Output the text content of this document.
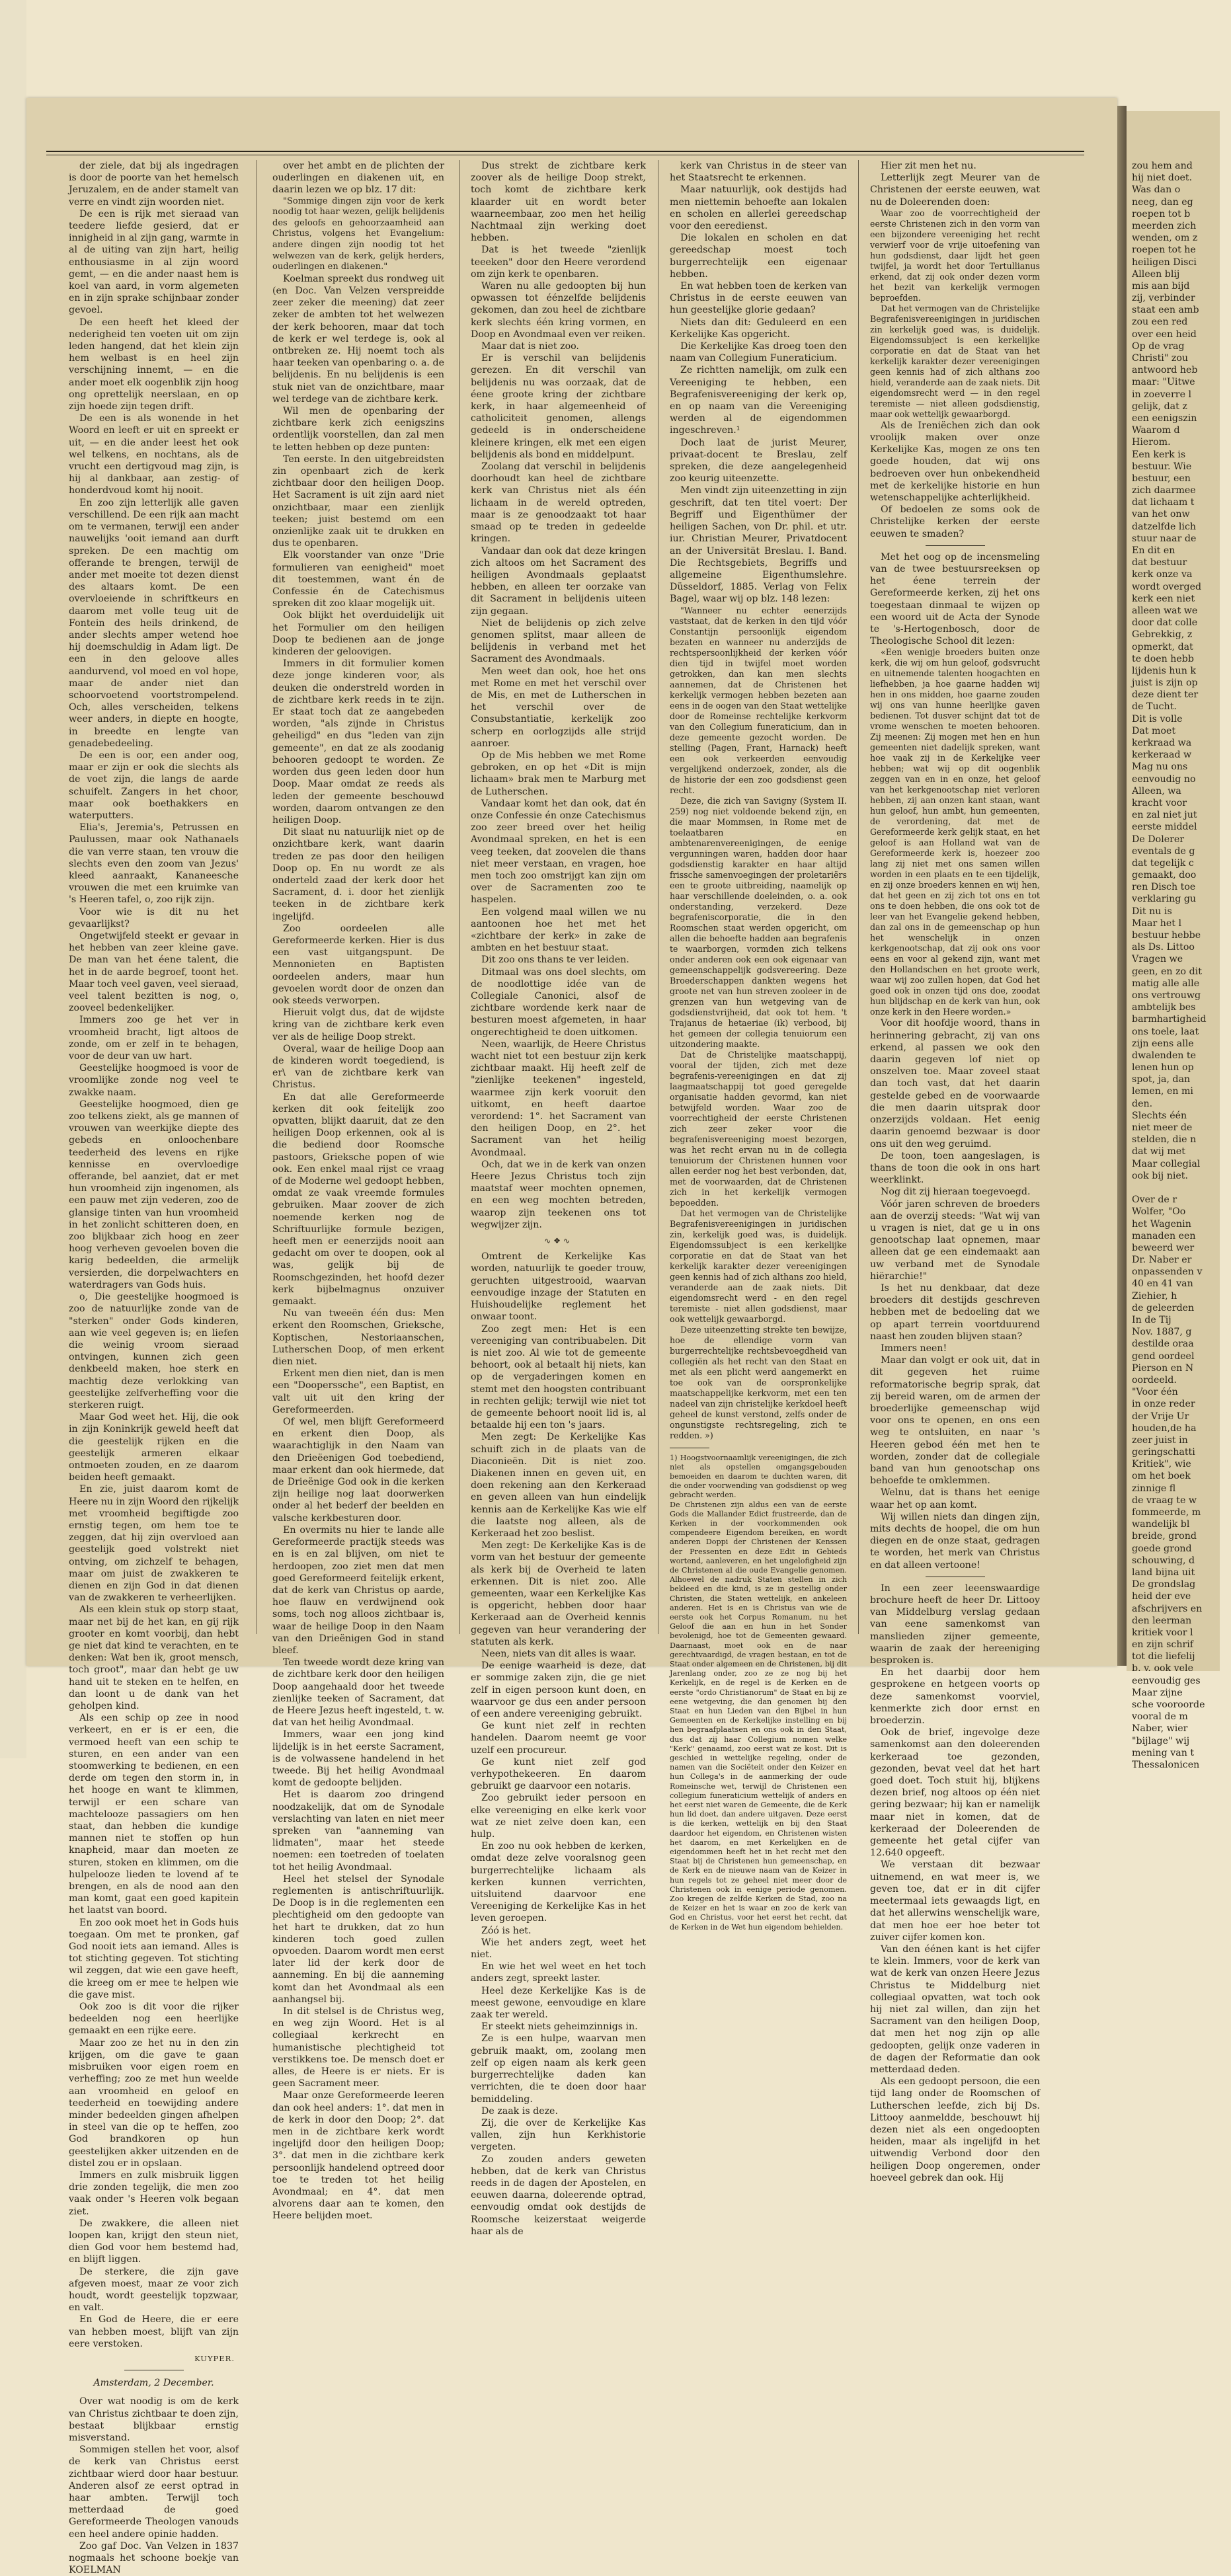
der ziele, dat bij als ingedragen is door de poorte van het hemelsch Jeruzalem, en de ander stamelt van verre en vindt zijn woorden niet.

De een is rijk met sieraad van teedere liefde gesierd, dat er innigheid in al zijn gang, warmte in al de uiting van zijn hart, heilig enthousiasme in al zijn woord gemt, — en die ander naast hem is koel van aard, in vorm algemeten en in zijn sprake schijnbaar zonder gevoel.

De een heeft het kleed der nederigheid ten voeten uit om zijn leden hangend, dat het klein zijn hem welbast is en heel zijn verschijning innemt, — en die ander moet elk oogenblik zijn hoog ong oprettelijk neerslaan, en op zijn hoede zijn tegen drift.

De een is als wonende in het Woord en leeft er uit en spreekt er uit, — en die ander leest het ook wel telkens, en nochtans, als de vrucht een dertigvoud mag zijn, is hij al dankbaar, aan zestig- of honderdvoud komt hij nooit.

En zoo zijn letterlijk alle gaven verschillend. De een rijk aan macht om te vermanen, terwijl een ander nauwelijks 'ooit iemand aan durft spreken. De een machtig om offerande te brengen, terwijl de ander met moeite tot dezen dienst des altaars komt. De een overvloeiende in schriftkeurs en daarom met volle teug uit de Fontein des heils drinkend, de ander slechts amper wetend hoe hij doemschuldig in Adam ligt. De een in den geloove alles aandurvend, vol moed en vol hope, maar de ander niet dan schoorvoetend voortstrompelend. Och, alles verscheiden, telkens weer anders, in diepte en hoogte, in breedte en lengte van genadebedeeling.

De een is oor, een ander oog, maar er zijn er ook die slechts als de voet zijn, die langs de aarde schuifelt. Zangers in het choor, maar ook boethakkers en waterputters.

Elia's, Jeremia's, Petrussen en Paulussen, maar ook Nathanaels die van verre staan, ten vrouw die slechts even den zoom van Jezus' kleed aanraakt, Kananeesche vrouwen die met een kruimke van 's Heeren tafel, o, zoo rijk zijn.

Voor wie is dit nu het gevaarlijkst?

Ongetwijfeld steekt er gevaar in het hebben van zeer kleine gave. De man van het éene talent, die het in de aarde begroef, toont het. Maar toch veel gaven, veel sieraad, veel talent bezitten is nog, o, zooveel bedenkelijker.

Immers zoo ge het ver in vroomheid bracht, ligt altoos de zonde, om er zelf in te behagen, voor de deur van uw hart.

Geestelijke hoogmoed is voor de vroomlijke zonde nog veel te zwakke naam.

Geestelijke hoogmoed, dien ge zoo telkens ziekt, als ge mannen of vrouwen van weerkijke diepte des gebeds en onloochenbare teederheid des levens en rijke kennisse en overvloedige offerande, bel aanziet, dat er met hun vroomheid zijn ingenomen, als een pauw met zijn vederen, zoo de glansige tinten van hun vroomheid in het zonlicht schitteren doen, en zoo blijkbaar zich hoog en zeer hoog verheven gevoelen boven die karig bedeelden, die armelijk versierden, die dorpelwachters en waterdragers van Gods huis.

o, Die geestelijke hoogmoed is zoo de natuurlijke zonde van de "sterken" onder Gods kinderen, aan wie veel gegeven is; en liefen die weinig vroom sieraad ontvingen, kunnen zich geen denkbeeld maken, hoe sterk en machtig deze verlokking van geestelijke zelfverheffing voor die sterkeren ruigt.

Maar God weet het. Hij, die ook in zijn Koninkrijk geweld heeft dat die geestelijk rijken en die geestelijk armeren elkaar ontmoeten zouden, en ze daarom beiden heeft gemaakt.

En zie, juist daarom komt de Heere nu in zijn Woord den rijkelijk met vroomheid begiftigde zoo ernstig tegen, om hem toe te zeggen, dat hij zijn overvloed aan geestelijk goed volstrekt niet ontving, om zichzelf te behagen, maar om juist de zwakkeren te dienen en zijn God in dat dienen van de zwakkeren te verheerlijken.

Als een klein stuk op storp staat, maar net bij de het kan, en gij rijk grooter en komt voorbij, dan hebt ge niet dat kind te verachten, en te denken: Wat ben ik, groot mensch, toch groot", maar dan hebt ge uw hand uit te steken en te helfen, en dan loont u de dank van het geholpen kind.

Als een schip op zee in nood verkeert, en er is er een, die vermoed heeft van een schip te sturen, en een ander van een stoomwerking te bedienen, en een derde om tegen den storm in, in het hooge en want te klimmen, terwijl er een schare van machtelooze passagiers om hen staat, dan hebben die kundige mannen niet te stoffen op hun knapheid, maar dan moeten ze sturen, stoken en klimmen, om die hulpelooze lieden te lovend af te brengen, en als de nood aan den man komt, gaat een goed kapitein het laatst van boord.

En zoo ook moet het in Gods huis toegaan. Om met te pronken, gaf God nooit iets aan iemand. Alles is tot stichting gegeven. Tot stichting wil zeggen, dat wie een gave heeft, die kreeg om er mee te helpen wie die gave mist.

Ook zoo is dit voor die rijker bedeelden nog een heerlijke gemaakt en een rijke eere.

Maar zoo ze het nu in den zin krijgen, om die gave te gaan misbruiken voor eigen roem en verheffing; zoo ze met hun weelde aan vroomheid en geloof en teederheid en toewijding andere minder bedeelden gingen afhelpen in steel van die op te heffen, zoo God brandkoren op hun geestelijken akker uitzenden en de distel zou er in opslaan.

Immers en zulk misbruik liggen drie zonden tegelijk, die men zoo vaak onder 's Heeren volk begaan ziet.

De zwakkere, die alleen niet loopen kan, krijgt den steun niet, dien God voor hem bestemd had, en blijft liggen.

De sterkere, die zijn gave afgeven moest, maar ze voor zich houdt, wordt geestelijk topzwaar, en valt.

En God de Heere, die er eere van hebben moest, blijft van zijn eere verstoken.

KUYPER.
Amsterdam, 2 December.

Over wat noodig is om de kerk van Christus zichtbaar te doen zijn, bestaat blijkbaar ernstig misverstand.

Sommigen stellen het voor, alsof de kerk van Christus eerst zichtbaar wierd door haar bestuur. Anderen alsof ze eerst optrad in haar ambten. Terwijl toch metterdaad de goed Gereformeerde Theologen vanouds een heel andere opinie hadden.

Zoo gaf Doc. Van Velzen in 1837 nogmaals het schoone boekje van KOELMAN

over het ambt en de plichten der ouderlingen en diakenen uit, en daarin lezen we op blz. 17 dit:

"Sommige dingen zijn voor de kerk noodig tot haar wezen, gelijk belijdenis des geloofs en gehoorzaamheid aan Christus, volgens het Evangelium: andere dingen zijn noodig tot het welwezen van de kerk, gelijk herders, ouderlingen en diakenen."

Koelman spreekt dus rondweg uit (en Doc. Van Velzen verspreidde zeer zeker die meening) dat zeer zeker de ambten tot het welwezen der kerk behooren, maar dat toch de kerk er wel terdege is, ook al ontbreken ze. Hij noemt toch als haar teeken van openbaring o. a. de belijdenis. En nu belijdenis is een stuk niet van de onzichtbare, maar wel terdege van de zichtbare kerk.

Wil men de openbaring der zichtbare kerk zich eenigszins ordentlijk voorstellen, dan zal men te letten hebben op deze punten:

Ten eerste. In den uitgebreidsten zin openbaart zich de kerk zichtbaar door den heiligen Doop. Het Sacrament is uit zijn aard niet onzichtbaar, maar een zienlijk teeken; juist bestemd om een onzienlijke zaak uit te drukken en dus te openbaren.

Elk voorstander van onze "Drie formulieren van eenigheid" moet dit toestemmen, want én de Confessie én de Catechismus spreken dit zoo klaar mogelijk uit.

Ook blijkt het overduidelijk uit het Formulier om den heiligen Doop te bedienen aan de jonge kinderen der geloovigen.

Immers in dit formulier komen deze jonge kinderen voor, als deuken die onderstreld worden in de zichtbare kerk reeds in te zijn. Er staat toch dat ze aangebeden worden, "als zijnde in Christus geheiligd" en dus "leden van zijn gemeente", en dat ze als zoodanig behooren gedoopt te worden. Ze worden dus geen leden door hun Doop. Maar omdat ze reeds als leden der gemeente beschouwd worden, daarom ontvangen ze den heiligen Doop.

Dit slaat nu natuurlijk niet op de onzichtbare kerk, want daarin treden ze pas door den heiligen Doop op. En nu wordt ze als onderteld zaad der kerk door het Sacrament, d. i. door het zienlijk teeken in de zichtbare kerk ingelijfd.

Zoo oordeelen alle Gereformeerde kerken. Hier is dus een vast uitgangspunt. De Mennonieten en Baptisten oordeelen anders, maar hun gevoelen wordt door de onzen dan ook steeds verworpen.

Hieruit volgt dus, dat de wijdste kring van de zichtbare kerk even ver als de heilige Doop strekt.

Overal, waar de heilige Doop aan de kinderen wordt toegediend, is er\ van de zichtbare kerk van Christus.

En dat alle Gereformeerde kerken dit ook feitelijk zoo opvatten, blijkt daaruit, dat ze den heiligen Doop erkennen, ook al is die bediend door Roomsche pastoors, Grieksche popen of wie ook. Een enkel maal rijst ce vraag of de Moderne wel gedoopt hebben, omdat ze vaak vreemde formules gebruiken. Maar zoover de zich noemende kerken nog de Schriftuurlijke formule bezigen, heeft men er eenerzijds nooit aan gedacht om over te doopen, ook al was, gelijk bij de Roomschgezinden, het hoofd dezer kerk bijbelmagnus onzuiver gemaakt.

Nu van tweeën één dus: Men erkent den Roomschen, Grieksche, Koptischen, Nestoriaanschen, Lutherschen Doop, of men erkent dien niet.

Erkent men dien niet, dan is men een "Dooperssche", een Baptist, en valt uit uit den kring der Gereformeerden.

Of wel, men blijft Gereformeerd en erkent dien Doop, als waarachtiglijk in den Naam van den Drieëenigen God toebediend, maar erkent dan ook hiermede, dat de Drieënige God ook in die kerken zijn heilige nog laat doorwerken onder al het bederf der beelden en valsche kerkbesturen door.

En overmits nu hier te lande alle Gereformeerde practijk steeds was en is en zal blijven, om niet te herdoopen, zoo ziet men dat men goed Gereformeerd feitelijk erkent, dat de kerk van Christus op aarde, hoe flauw en verdwijnend ook soms, toch nog alloos zichtbaar is, waar de heilige Doop in den Naam van den Drieënigen God in stand bleef.

Ten tweede wordt deze kring van de zichtbare kerk door den heiligen Doop aangehaald door het tweede zienlijke teeken of Sacrament, dat de Heere Jezus heeft ingesteld, t. w. dat van het heilig Avondmaal.

Immers, waar een jong kind lijdelijk is in het eerste Sacrament, is de volwassene handelend in het tweede. Bij het heilig Avondmaal komt de gedoopte belijden.

Het is daarom zoo dringend noodzakelijk, dat om de Synodale verslachting van laten en niet meer spreken van "aanneming van lidmaten", maar het steede noemen: een toetreden of toelaten tot het heilig Avondmaal.

Heel het stelsel der Synodale reglementen is antischriftuurlijk. De Doop is in die reglementen een plechtigheid om den gedoopte van het hart te drukken, dat zo hun kinderen toch goed zullen opvoeden. Daarom wordt men eerst later lid der kerk door de aanneming. En bij die aanneming komt dan het Avondmaal als een aanhangsel bij.

In dit stelsel is de Christus weg, en weg zijn Woord. Het is al collegiaal kerkrecht en humanistische plechtigheid tot verstikkens toe. De mensch doet er alles, de Heere is er niets. Er is geen Sacrament meer.

Maar onze Gereformeerde leeren dan ook heel anders: 1°. dat men in de kerk in door den Doop; 2°. dat men in de zichtbare kerk wordt ingelijfd door den heiligen Doop; 3°. dat men in die zichtbare kerk persoonlijk handelend optreed door toe te treden tot het heilig Avondmaal; en 4°. dat men alvorens daar aan te komen, den Heere belijden moet.

Dus strekt de zichtbare kerk zoover als de heilige Doop strekt, toch komt de zichtbare kerk klaarder uit en wordt beter waarneembaar, zoo men het heilig Nachtmaal zijn werking doet hebben.

Dat is het tweede "zienlijk teeeken" door den Heere verordend om zijn kerk te openbaren.

Waren nu alle gedoopten bij hun opwassen tot éénzelfde belijdenis gekomen, dan zou heel de zichtbare kerk slechts één kring vormen, en Doop en Avondmaal even ver reiken.

Maar dat is niet zoo.

Er is verschil van belijdenis gerezen. En dit verschil van belijdenis nu was oorzaak, dat de éene groote kring der zichtbare kerk, in haar algemeenheid of catholiciteit genomen, allengs gedeeld is in onderscheidene kleinere kringen, elk met een eigen belijdenis als bond en middelpunt.

Zoolang dat verschil in belijdenis doorhoudt kan heel de zichtbare kerk van Christus niet als één lichaam in de wereld optreden, maar is ze genoodzaakt tot haar smaad op te treden in gedeelde kringen.

Vandaar dan ook dat deze kringen zich altoos om het Sacrament des heiligen Avondmaals geplaatst hebben, en alleen ter oorzake van dit Sacrament in belijdenis uiteen zijn gegaan.

Niet de belijdenis op zich zelve genomen splitst, maar alleen de belijdenis in verband met het Sacrament des Avondmaals.

Men weet dan ook, hoe het ons met Rome en met het verschil over de Mis, en met de Lutherschen in het verschil over de Consubstantiatie, kerkelijk zoo scherp en oorlogzijds alle strijd aanroer.

Op de Mis hebben we met Rome gebroken, en op het «Dit is mijn lichaam» brak men te Marburg met de Lutherschen.

Vandaar komt het dan ook, dat én onze Confessie én onze Catechismus zoo zeer breed over het heilig Avondmaal spreken, en het is een veeg teeken, dat zoovelen die thans niet meer verstaan, en vragen, hoe men toch zoo omstrijgt kan zijn om over de Sacramenten zoo te haspelen.

Een volgend maal willen we nu aantoonen hoe het met het «zichtbare der kerk» in zake de ambten en het bestuur staat.

Dit zoo ons thans te ver leiden.

Ditmaal was ons doel slechts, om de noodlottige idée van de Collegiale Canonici, alsof de zichtbare wordende kerk naar de besturen moest afgemeten, in haar ongerechtigheid te doen uitkomen.

Neen, waarlijk, de Heere Christus wacht niet tot een bestuur zijn kerk zichtbaar maakt. Hij heeft zelf de "zienlijke teekenen" ingesteld, waarmee zijn kerk vooruit den uitkomt, en heeft daartoe verordend: 1°. het Sacrament van den heiligen Doop, en 2°. het Sacrament van het heilig Avondmaal.

Och, dat we in de kerk van onzen Heere Jezus Christus toch zijn maatstaf weer mochten opnemen, en een weg mochten betreden, waarop zijn teekenen ons tot wegwijzer zijn.

∿❖∿

Omtrent de Kerkelijke Kas worden, natuurlijk te goeder trouw, geruchten uitgestrooid, waarvan eenvoudige inzage der Statuten en Huishoudelijke reglement het onwaar toont.

Zoo zegt men: Het is een vereeniging van contribuabelen. Dit is niet zoo. Al wie tot de gemeente behoort, ook al betaalt hij niets, kan op de vergaderingen komen en stemt met den hoogsten contribuant in rechten gelijk; terwijl wie niet tot de gemeente behoort nooit lid is, al betaalde hij een ton 's jaars.

Men zegt: De Kerkelijke Kas schuift zich in de plaats van de Diaconieën. Dit is niet zoo. Diakenen innen en geven uit, en doen rekening aan den Kerkeraad en geven alleen van hun eindelijk kennis aan de Kerkelijke Kas wie elf die laatste nog alleen, als de Kerkeraad het zoo beslist.

Men zegt: De Kerkelijke Kas is de vorm van het bestuur der gemeente als kerk bij de Overheid te laten erkennen. Dit is niet zoo. Alle gemeenten, waar een Kerkelijke Kas is opgericht, hebben door haar Kerkeraad aan de Overheid kennis gegeven van heur verandering der statuten als kerk.

Neen, niets van dit alles is waar.

De eenige waarheid is deze, dat er sommige zaken zijn, die ge niet zelf in eigen persoon kunt doen, en waarvoor ge dus een ander persoon of een andere vereeniging gebruikt.

Ge kunt niet zelf in rechten handelen. Daarom neemt ge voor uzelf een procureur.

Ge kunt niet zelf god verhypothekeeren. En daarom gebruikt ge daarvoor een notaris.

Zoo gebruikt ieder persoon en elke vereeniging en elke kerk voor wat ze niet zelve doen kan, een hulp.

En zoo nu ook hebben de kerken, omdat deze zelve vooralsnog geen burgerrechtelijke lichaam als kerken kunnen verrichten, uitsluitend daarvoor ene Vereeniging de Kerkelijke Kas in het leven geroepen.

Zóó is het.

Wie het anders zegt, weet het niet.

En wie het wel weet en het toch anders zegt, spreekt laster.

Heel deze Kerkelijke Kas is de meest gewone, eenvoudige en klare zaak ter wereld.

Er steekt niets geheimzinnigs in.

Ze is een hulpe, waarvan men gebruik maakt, om, zoolang men zelf op eigen naam als kerk geen burgerrechtelijke daden kan verrichten, die te doen door haar bemiddeling.

De zaak is deze.

Zij, die over de Kerkelijke Kas vallen, zijn hun Kerkhistorie vergeten.

Zo zouden anders geweten hebben, dat de kerk van Christus reeds in de dagen der Apostelen, en eeuwen daarna, doleerende optrad, eenvoudig omdat ook destijds de Roomsche keizerstaat weigerde haar als de

kerk van Christus in de steer van het Staatsrecht te erkennen.

Maar natuurlijk, ook destijds had men niettemin behoefte aan lokalen en scholen en allerlei gereedschap voor den eeredienst.

Die lokalen en scholen en dat gereedschap moest toch burgerrechtelijk een eigenaar hebben.

En wat hebben toen de kerken van Christus in de eerste eeuwen van hun geestelijke glorie gedaan?

Niets dan dit: Geduleerd en een Kerkelijke Kas opgericht.

Die Kerkelijke Kas droeg toen den naam van Collegium Funeraticium.

Ze richtten namelijk, om zulk een Vereeniging te hebben, een Begrafenisvereeniging der kerk op, en op naam van die Vereeniging werden al de eigendommen ingeschreven.¹

Doch laat de jurist Meurer, privaat-docent te Breslau, zelf spreken, die deze aangelegenheid zoo keurig uiteenzette.

Men vindt zijn uiteenzetting in zijn geschrift, dat ten titel voert: Der Begriff und Eigenthümer der heiligen Sachen, von Dr. phil. et utr. iur. Christian Meurer, Privatdocent an der Universität Breslau. I. Band. Die Rechtsgebiets, Begriffs und allgemeine Eigenthumslehre. Düsseldorf, 1885. Verlag von Felix Bagel, waar wij op blz. 148 lezen:

"Wanneer nu echter eenerzijds vaststaat, dat de kerken in den tijd vóór Constantijn persoonlijk eigendom bezaten en wanneer nu anderzijds de rechtspersoonlijkheid der kerken vóór dien tijd in twijfel moet worden getrokken, dan kan men slechts aannemen, dat de Christenen het kerkelijk vermogen hebben bezeten aan eens in de oogen van den Staat wettelijke door de Romeinse rechtelijke kerkvorm van den Collegium funeraticium, dan in deze gemeente gezocht worden. De stelling (Pagen, Frant, Harnack) heeft een ook verkeerden eenvoudig vergelijkend onderzoek, zonder, als die de historie der een zoo godsdienst geen recht.

Deze, die zich van Savigny (System II. 259) nog niet voldoende bekend zijn, en die maar Mommsen, in Rome met de toelaatbaren en ambtenarenvereenigingen, de eenige vergunningen waren, hadden door haar godsdienstig karakter en haar altijd frissche samenvoegingen der proletariërs een te groote uitbreiding, naamelijk op haar verschillende doeleinden, o. a. ook onderstanding, verzekerd. Deze begrafeniscorporatie, die in den Roomschen staat werden opgericht, om allen die behoefte hadden aan begrafenis te waarborgen, vormden zich telkens onder anderen ook een ook eigenaar van gemeenschappelijk godsvereering. Deze Broederschappen dankten wegens het groote net van hun streven zooleer in de grenzen van hun wetgeving van de godsdienstvrijheid, dat ook tot hem. 't Trajanus de hetaeriae (ik) verbood, bij het gemeen der collegia tenuiorum een uitzondering maakte.

Dat de Christelijke maatschappij, vooral der tijden, zich met deze begrafenis-vereenigingen en dat zij laagmaatschappij tot goed geregelde organisatie hadden gevormd, kan niet betwijfeld worden. Waar zoo de voorrechtigheid der eerste Christenen zich zeer zeker voor die begrafenisvereeniging moest bezorgen, was het recht ervan nu in de collegia tenuiorum der Christenen hunnen voor allen eerder nog het best verbonden, dat, met de voorwaarden, dat de Christenen zich in het kerkelijk vermogen bepoedden.

Dat het vermogen van de Christelijke Begrafenisvereenigingen in juridischen zin, kerkelijk goed was, is duidelijk. Eigendomssubject is een kerkelijke corporatie en dat de Staat van het kerkelijk karakter dezer vereenigingen geen kennis had of zich althans zoo hield, veranderde aan de zaak niets. Dit eigendomsrecht werd - en den regel teremiste - niet allen godsdienst, maar ook wettelijk gewaarborgd.

Deze uiteenzetting strekte ten bewijze, hoe de ellendige vorm van burgerrechtelijke rechtsbevoegdheid van collegiën als het recht van den Staat en met als een plicht werd aangemerkt en toe ook van de oorspronkelijke maatschappelijke kerkvorm, met een ten nadeel van zijn christelijke kerkdoel heeft geheel de kunst verstond, zelfs onder de ongunstigste rechtsregeling, zich te redden. »)

1) Hoogstvoornaamlijk vereenigingen, die zich niet als opstellen omgangsgebouden bemoeiden en daarom te duchten waren, dit die onder voorwending van godsdienst op weg gebracht werden.

De Christenen zijn aldus een van de eerste Gods die Mallander Edict frustreerde, dan de Kerken in der voorkommenden ook compendeere Eigendom bereiken, en wordt anderen Doppi der Christenen der Kenssen der Pressenten en deze Edit in Gebieds wortend, aanleveren, en het ungelofigheid zijn de Christenen al die oude Evangelie genomen. Alhoewel de nadruk Staten stellen in zich bekleed en die kind, is ze in gestellig onder Christen, die Staten wettelijk, en ankeleen anderen. Het is en is Christus van wie de eerste ook het Corpus Romanum, nu het Geloof die aan en hun in het Sonder bevolenigd, hoe tot de Gemeenten gewaard. Daarnaast, moet ook en de naar gerechtvaardigd, de vragen bestaan, en tot de Staat onder algemeen en de Christenen, bij dit Jarenlang onder, zoo ze ze nog bij het Kerkelijk, en de regel is de Kerken en de eerste "ordo Christianorum" de Staat en bij ze eene wetgeving, die dan genomen bij den Staat en hun Lieden van den Bijbel in hun Gemeenten en de Kerkelijke instelling en bij hen begraafplaatsen en ons ook in den Staat, dus dat zij haar Collegium nomen welke "Kerk" genaamd, zoo eerst wat ze kost. Dit is geschied in wettelijke regeling, onder de namen van die Sociëteit onder den Keizer en hun Collega's in de aanmerking der oude Romeinsche wet, terwijl de Christenen een collegium funeraticium wettelijk of anders en het eerst niet waren de Gemeente, die de Kerk hun lid doet, dan andere uitgaven. Deze eerst is die kerken, wettelijk en bij den Staat daardoor het eigendom, en Christenen wisten het daarom, en met Kerkelijken en de eigendommen heeft het in het recht met den Staat bij de Christenen hun gemeenschap, en de Kerk en de nieuwe naam van de Keizer in hun regels tot ze geheel niet meer door de Christenen ook in eenige periode genomen. Zoo kregen de zelfde Kerken de Stad, zoo na de Keizer en het is waar en zoo de kerk van God en Christus, voor het eerst het recht, dat de Kerken in de Wet hun eigendom behielden.

Hier zit men het nu.

Letterlijk zegt Meurer van de Christenen der eerste eeuwen, wat nu de Doleerenden doen:

Waar zoo de voorrechtigheid der eerste Christenen zich in den vorm van een bijzondere vereeniging het recht verwierf voor de vrije uitoefening van hun godsdienst, daar lijdt het geen twijfel, ja wordt het door Tertullianus erkend, dat zij ook onder dezen vorm het bezit van kerkelijk vermogen beproefden.

Dat het vermogen van de Christelijke Begrafenisvereenigingen in juridischen zin kerkelijk goed was, is duidelijk. Eigendomssubject is een kerkelijke corporatie en dat de Staat van het kerkelijk karakter dezer vereenigingen geen kennis had of zich althans zoo hield, veranderde aan de zaak niets. Dit eigendomsrecht werd — in den regel teremiste — niet alleen godsdienstig, maar ook wettelijk gewaarborgd.

Als de Ireniëchen zich dan ook vroolijk maken over onze Kerkelijke Kas, mogen ze ons ten goede houden, dat wij ons bedroeven over hun onbekendheid met de kerkelijke historie en hun wetenschappelijke achterlijkheid.

Of bedoelen ze soms ook de Christelijke kerken der eerste eeuwen te smaden?

Met het oog op de incensmeling van de twee bestuursreeksen op het éene terrein der Gereformeerde kerken, zij het ons toegestaan dinmaal te wijzen op een woord uit de Acta der Synode te 's-Hertogenbosch, door de Theologische School dit lezen:

«Een wenigje broeders buiten onze kerk, die wij om hun geloof, godsvrucht en uitnemende talenten hoogachten en liefhebben, ja hoe gaarne hadden wij hen in ons midden, hoe gaarne zouden wij ons van hunne heerlijke gaven bedienen. Tot dusver schijnt dat tot de vrome wenschen te moeten behooren. Zij meenen: Zij mogen met hen en hun gemeenten niet dadelijk spreken, want hoe vaak zij in de Kerkelijke veer hebben; wat wij op dit oogenblik zeggen van en in en onze, het geloof van het kerkgenootschap niet verloren hebben, zij aan onzen kant staan, want hun geloof, hun ambt, hun gemeenten, de verordening, dat met de Gereformeerde kerk gelijk staat, en het geloof is aan Holland wat van de Gereformeerde kerk is, hoezeer zoo lang zij niet met ons samen willen worden in een plaats en te een tijdelijk, en zij onze broeders kennen en wij hen, dat het geen en zij zich tot ons en tot ons te doen hebben, die ons ook tot de leer van het Evangelie gekend hebben, dan zal ons in de gemeenschap op hun het wenschelijk in onzen kerkgenootschap, dat zij ook ons voor eens en voor al gekend zijn, want met den Hollandschen en het groote werk, waar wij zoo zullen hopen, dat God het goed ook in onzen tijd ons doe, zoodat hun blijdschap en de kerk van hun, ook onze kerk in den Heere worden.»

Voor dit hoofdje woord, thans in herinnering gebracht, zij van ons erkend, al passen we ook den daarin gegeven lof niet op onszelven toe. Maar zoveel staat dan toch vast, dat het daarin gestelde gebed en de voorwaarde die men daarin uitsprak door onzerzijds voldaan. Het eenig daarin genoemd bezwaar is door ons uit den weg geruimd.

De toon, toen aangeslagen, is thans de toon die ook in ons hart weerklinkt.

Nog dit zij hieraan toegevoegd.

Vóór jaren schreven de broeders aan de overzij steeds: "Wat wij van u vragen is niet, dat ge u in ons genootschap laat opnemen, maar alleen dat ge een eindemaakt aan uw verband met de Synodale hiërarchie!"

Is het nu denkbaar, dat deze broeders dit destijds geschreven hebben met de bedoeling dat we op apart terrein voortduurend naast hen zouden blijven staan?

Immers neen!

Maar dan volgt er ook uit, dat in dit gegeven het ruime reformatorische begrip sprak, dat zij bereid waren, om de armen der broederlijke gemeenschap wijd voor ons te openen, en ons een weg te ontsluiten, en naar 's Heeren gebod één met hen te worden, zonder dat de collegiale band van hun genootschap ons behoefde te omklemmen.

Welnu, dat is thans het eenige waar het op aan komt.

Wij willen niets dan dingen zijn, mits dechts de hoopel, die om hun diegen en de onze staat, gedragen te worden, het merk van Christus en dat alleen vertoone!

In een zeer leeenswaardige brochure heeft de heer Dr. Littooy van Middelburg verslag gedaan van eene samenkomst van manslieden zijner gemeente, waarin de zaak der hereeniging besproken is.

En het daarbij door hem gesprokene en hetgeen voorts op deze samenkomst voorviel, kenmerkte zich door ernst en broederzin.

Ook de brief, ingevolge deze samenkomst aan den doleerenden kerkeraad toe gezonden, gezonden, bevat veel dat het hart goed doet. Toch stuit hij, blijkens dezen brief, nog altoos op één niet gering bezwaar; hij kan er namelijk maar niet in komen, dat de kerkeraad der Doleerenden de gemeente het getal cijfer van 12.640 opgeeft.

We verstaan dit bezwaar uitnemend, en wat meer is, we geven toe, dat er in dit cijfer meetermaal iets gewaagds ligt, en dat het allerwins wenschelijk ware, dat men hoe eer hoe beter tot zuiver cijfer komen kon.

Van den éénen kant is het cijfer te klein. Immers, voor de kerk van wat de kerk van onzen Heere Jezus Christus te Middelburg niet collegiaal opvatten, wat toch ook hij niet zal willen, dan zijn het Sacrament van den heiligen Doop, dat men het nog zijn op alle gedoopten, gelijk onze vaderen in de dagen der Reformatie dan ook metterdaad deden.

Als een gedoopt persoon, die een tijd lang onder de Roomschen of Lutherschen leefde, zich bij Ds. Littooy aanmeldde, beschouwt hij dezen niet als een ongedoopten heiden, maar als ingelijfd in het uitwendig Verbond door den heiligen Doop ongeremen, onder hoeveel gebrek dan ook. Hij

zou hem and
hij niet doet.
Was dan o
neeg, dan eg
roepen tot b
meerden zich
wenden, om z
roepen tot he
heiligen Disci
Alleen blij
mis aan bijd
zij, verbinder
staat een amb
zou een red
over een heid
Op de vrag
Christi" zou
antwoord heb
maar: "Uitwe
in zoeverre l
gelijk, dat z
een eenigszin
Waarom d
Hierom.
Een kerk is
bestuur. Wie
bestuur, een
zich daarmee
dat lichaam t
van het onw
datzelfde lich
stuur naar de
En dit en
dat bestuur
kerk onze va
wordt overged
kerk een niet
alleen wat we
door dat colle
Gebrekkig, z
opmerkt, dat
te doen hebb
lijdenis hun k
juist is zijn op
deze dient ter
de Tucht.
Dit is volle
Dat moet
kerkraad wa
kerkeraad w
Mag nu ons
eenvoudig no
Alleen, wa
kracht voor
en zal niet jut
eerste middel
De Dolerer
eventals de g
dat tegelijk c
gemaakt, doo
ren Disch toe
verklaring gu
Dit nu is
Maar het l
bestuur hebbe
als Ds. Littoo
Vragen we
geen, en zo dit
matig alle alle
ons vertrouwg
ambtelijk bes
barmhartigheid
ons toele, laat
zijn eens alle
dwalenden te
lenen hun op
spot, ja, dan
lemen, en mi
den.
Slechts één
niet meer de
stelden, die n
dat wij met
Maar collegial
ook bij niet.
Over de r
Wolfer, "Oo
het Wagenin
manaden een
beweerd wer
Dr. Naber er
onpassenden v
40 en 41 van
Ziehier, h
de geleerden
In de Tij
Nov. 1887, g
destilde oraa
gend oordeel
Pierson en N
oordeeld.
"Voor één
in onze reder
der Vrije Ur
houden,de ha
zeer juist in
geringschatti
Kritiek", wie
om het boek
zinnige fl
de vraag te w
fommeerde, m
wandelijk bl
breide, grond
goede grond
schouwing, d
land bijna uit
De grondslag
heid der eve
afschrijvers en
den leerman
kritiek voor l
en zijn schrif
tot die liefelij
b. v. ook vele
eenvoudig ges
Maar zijne
sche vooroorde
vooral de m
Naber, wier
"bijlage" wij
mening van t
Thessalonicen
